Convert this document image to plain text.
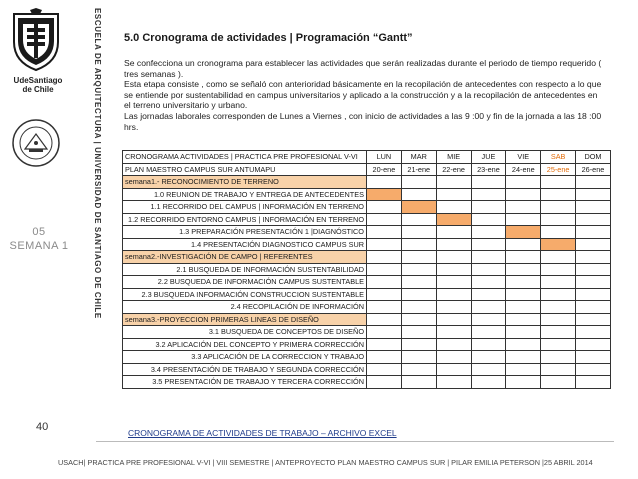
UdeSantiago
de Chile	ESCUELA DE ARQUITECTURA | UNIVERSIDAD DE SANTIAGO DE CHILE
05
SEMANA 1
40
5.0 Cronograma de actividades | Programación “Gantt”

Se confecciona un cronograma para establecer las actividades que serán realizadas durante el periodo de tiempo requerido ( tres semanas ).

Esta etapa consiste , como se señaló con anterioridad básicamente en la recopilación de antecedentes con respecto a lo que se entiende por sustentabilidad en campus universitarios y aplicado a la construcción y a la recopilación de antecedentes en el terreno universitario y urbano.

Las jornadas laborales corresponden de Lunes a Viernes , con inicio de actividades a las 9 :00 y fin de la jornada a las 18 :00 hrs.

CRONOGRAMA ACTIVIDADES | PRACTICA PRE PROFESIONAL V-VI	LUN	MAR	MIE	JUE	VIE	SAB	DOM
PLAN MAESTRO CAMPUS SUR ANTUMAPU	20-ene	21-ene	22-ene	23-ene	24-ene	25-ene	26-ene
semana1.- RECONOCIMIENTO DE TERRENO							
1.0 REUNION DE TRABAJO Y ENTREGA DE ANTECEDENTES							
1.1 RECORRIDO DEL CAMPUS | INFORMACIÓN EN TERRENO							
1.2 RECORRIDO ENTORNO CAMPUS | INFORMACIÓN EN TERRENO							
1.3 PREPARACIÓN PRESENTACIÓN 1 |DIAGNÓSTICO							
1.4 PRESENTACIÓN DIAGNOSTICO CAMPUS SUR							
semana2.-INVESTIGACIÓN DE CAMPO | REFERENTES							
2.1 BUSQUEDA DE INFORMACIÓN SUSTENTABILIDAD							
2.2 BUSQUEDA DE INFORMACIÓN CAMPUS SUSTENTABLE							
2.3 BUSQUEDA INFORMACIÓN CONSTRUCCION SUSTENTABLE							
2.4 RECOPILACIÓN DE INFORMACIÓN							
semana3.-PROYECCION PRIMERAS LINEAS DE DISEÑO							
3.1 BUSQUEDA DE CONCEPTOS DE DISEÑO							
3.2 APLICACIÓN DEL CONCEPTO Y PRIMERA CORRECCIÓN							
3.3 APLICACIÓN DE LA CORRECCION Y TRABAJO							
3.4 PRESENTACIÓN DE TRABAJO Y SEGUNDA CORRECCIÓN							
3.5 PRESENTACIÓN DE TRABAJO Y TERCERA CORRECCIÓN							
CRONOGRAMA DE ACTIVIDADES DE TRABAJO – ARCHIVO EXCEL
USACH| PRACTICA PRE PROFESIONAL V-VI | VIII SEMESTRE | ANTEPROYECTO PLAN MAESTRO CAMPUS SUR | PILAR EMILIA PETERSON |25 ABRIL 2014
